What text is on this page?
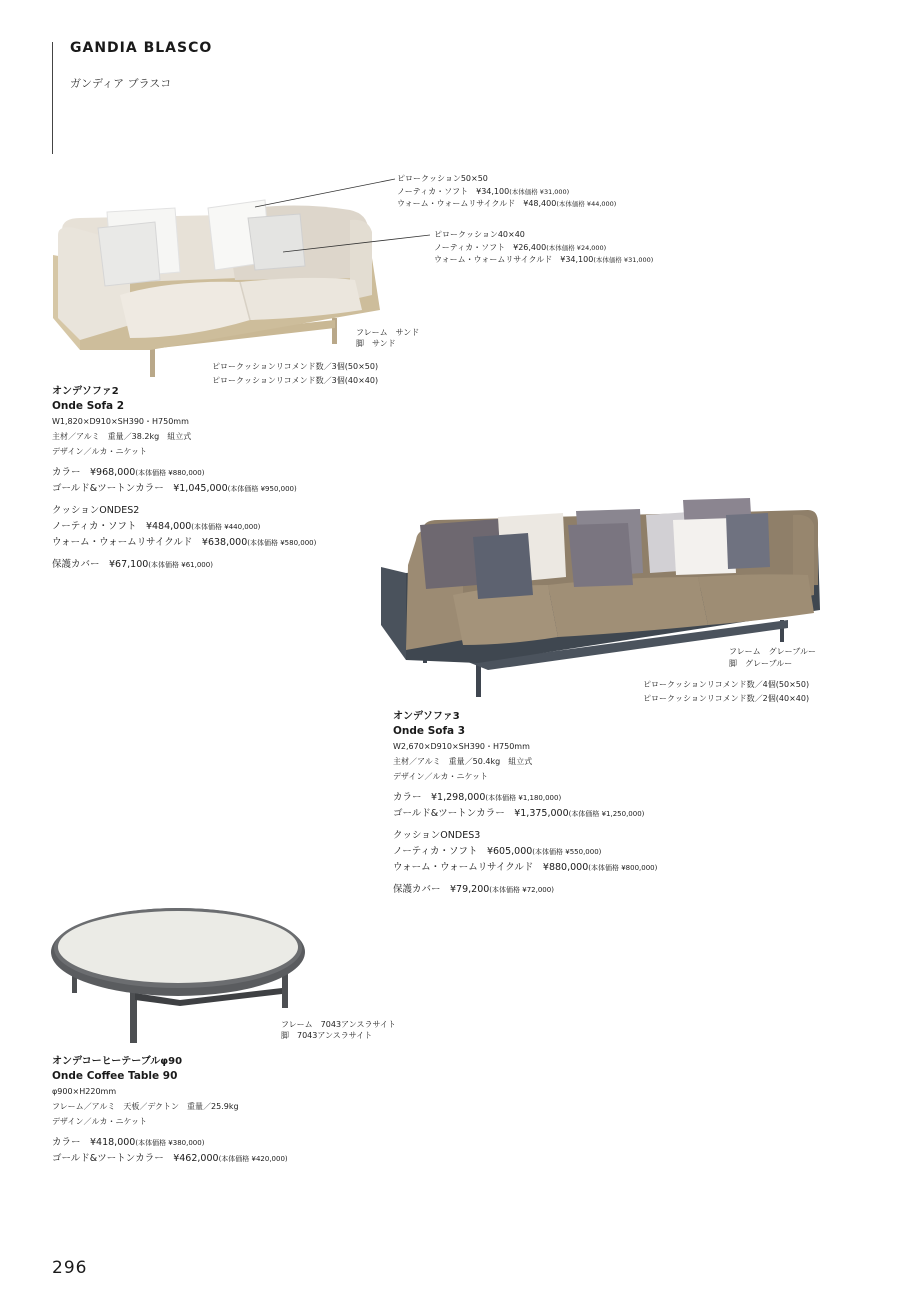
GANDIA BLASCO
ガンディア ブラスコ
ピロークッション50×50
ノーティカ・ソフト　¥34,100(本体価格 ¥31,000)
ウォーム・ウォームリサイクルド　¥48,400(本体価格 ¥44,000)
ピロークッション40×40
ノーティカ・ソフト　¥26,400(本体価格 ¥24,000)
ウォーム・ウォームリサイクルド　¥34,100(本体価格 ¥31,000)
フレーム　サンド
脚　サンド
ピロークッションリコメンド数／3個(50×50)
ピロークッションリコメンド数／3個(40×40)
オンデソファ2
Onde Sofa 2
W1,820×D910×SH390・H750mm
主材／アルミ　重量／38.2kg　組立式
デザイン／ルカ・ニケット
カラー　¥968,000(本体価格 ¥880,000)
ゴールド&ツートンカラー　¥1,045,000(本体価格 ¥950,000)
クッションONDES2
ノーティカ・ソフト　¥484,000(本体価格 ¥440,000)
ウォーム・ウォームリサイクルド　¥638,000(本体価格 ¥580,000)
保護カバー　¥67,100(本体価格 ¥61,000)
フレーム　グレーブルー
脚　グレーブルー
ピロークッションリコメンド数／4個(50×50)
ピロークッションリコメンド数／2個(40×40)
オンデソファ3
Onde Sofa 3
W2,670×D910×SH390・H750mm
主材／アルミ　重量／50.4kg　組立式
デザイン／ルカ・ニケット
カラー　¥1,298,000(本体価格 ¥1,180,000)
ゴールド&ツートンカラー　¥1,375,000(本体価格 ¥1,250,000)
クッションONDES3
ノーティカ・ソフト　¥605,000(本体価格 ¥550,000)
ウォーム・ウォームリサイクルド　¥880,000(本体価格 ¥800,000)
保護カバー　¥79,200(本体価格 ¥72,000)
フレーム　7043アンスラサイト
脚　7043アンスラサイト
オンデコーヒーテーブルφ90
Onde Coffee Table 90
φ900×H220mm
フレーム／アルミ　天板／デクトン　重量／25.9kg
デザイン／ルカ・ニケット
カラー　¥418,000(本体価格 ¥380,000)
ゴールド&ツートンカラー　¥462,000(本体価格 ¥420,000)
296
